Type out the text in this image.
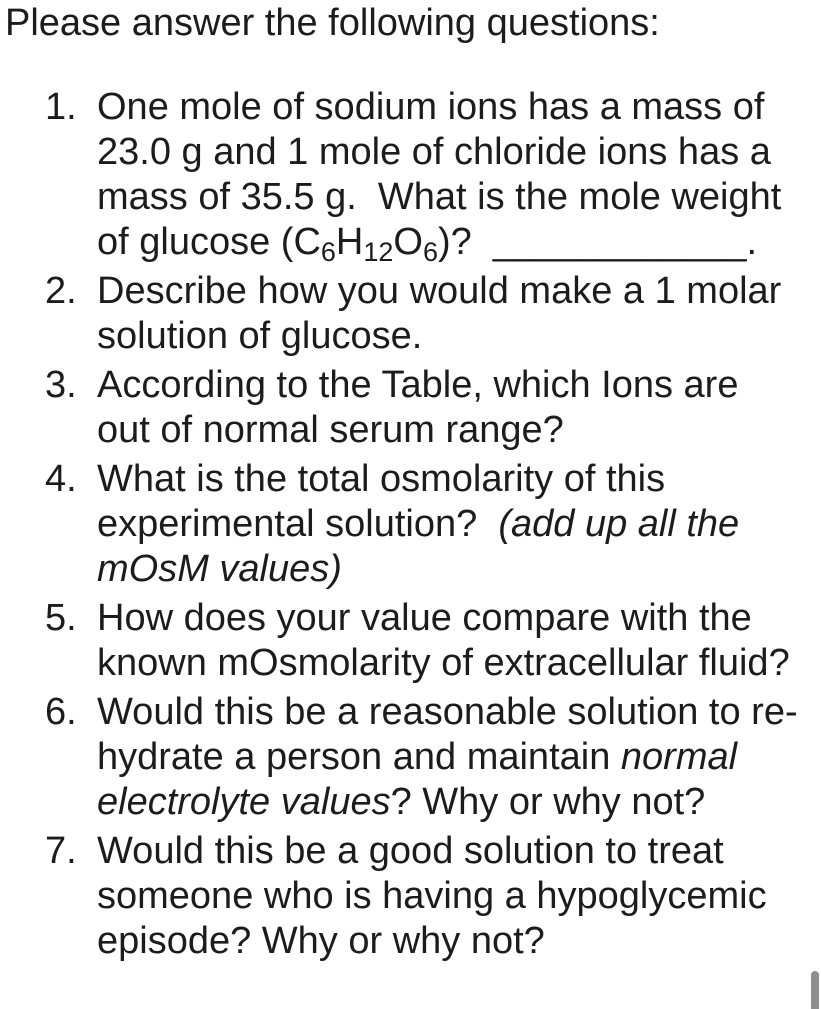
Please answer the following questions:

1. One mole of sodium ions has a mass of
23.0 g and 1 mole of chloride ions has a
mass of 35.5 g.  What is the mole weight
of glucose (C6H12O6)?  ____________.
2. Describe how you would make a 1 molar
solution of glucose.
3. According to the Table, which Ions are
out of normal serum range?
4. What is the total osmolarity of this
experimental solution?  (add up all the
mOsM values)
5. How does your value compare with the
known mOsmolarity of extracellular fluid?
6. Would this be a reasonable solution to re-
hydrate a person and maintain normal
electrolyte values? Why or why not?
7. Would this be a good solution to treat
someone who is having a hypoglycemic
episode? Why or why not?
